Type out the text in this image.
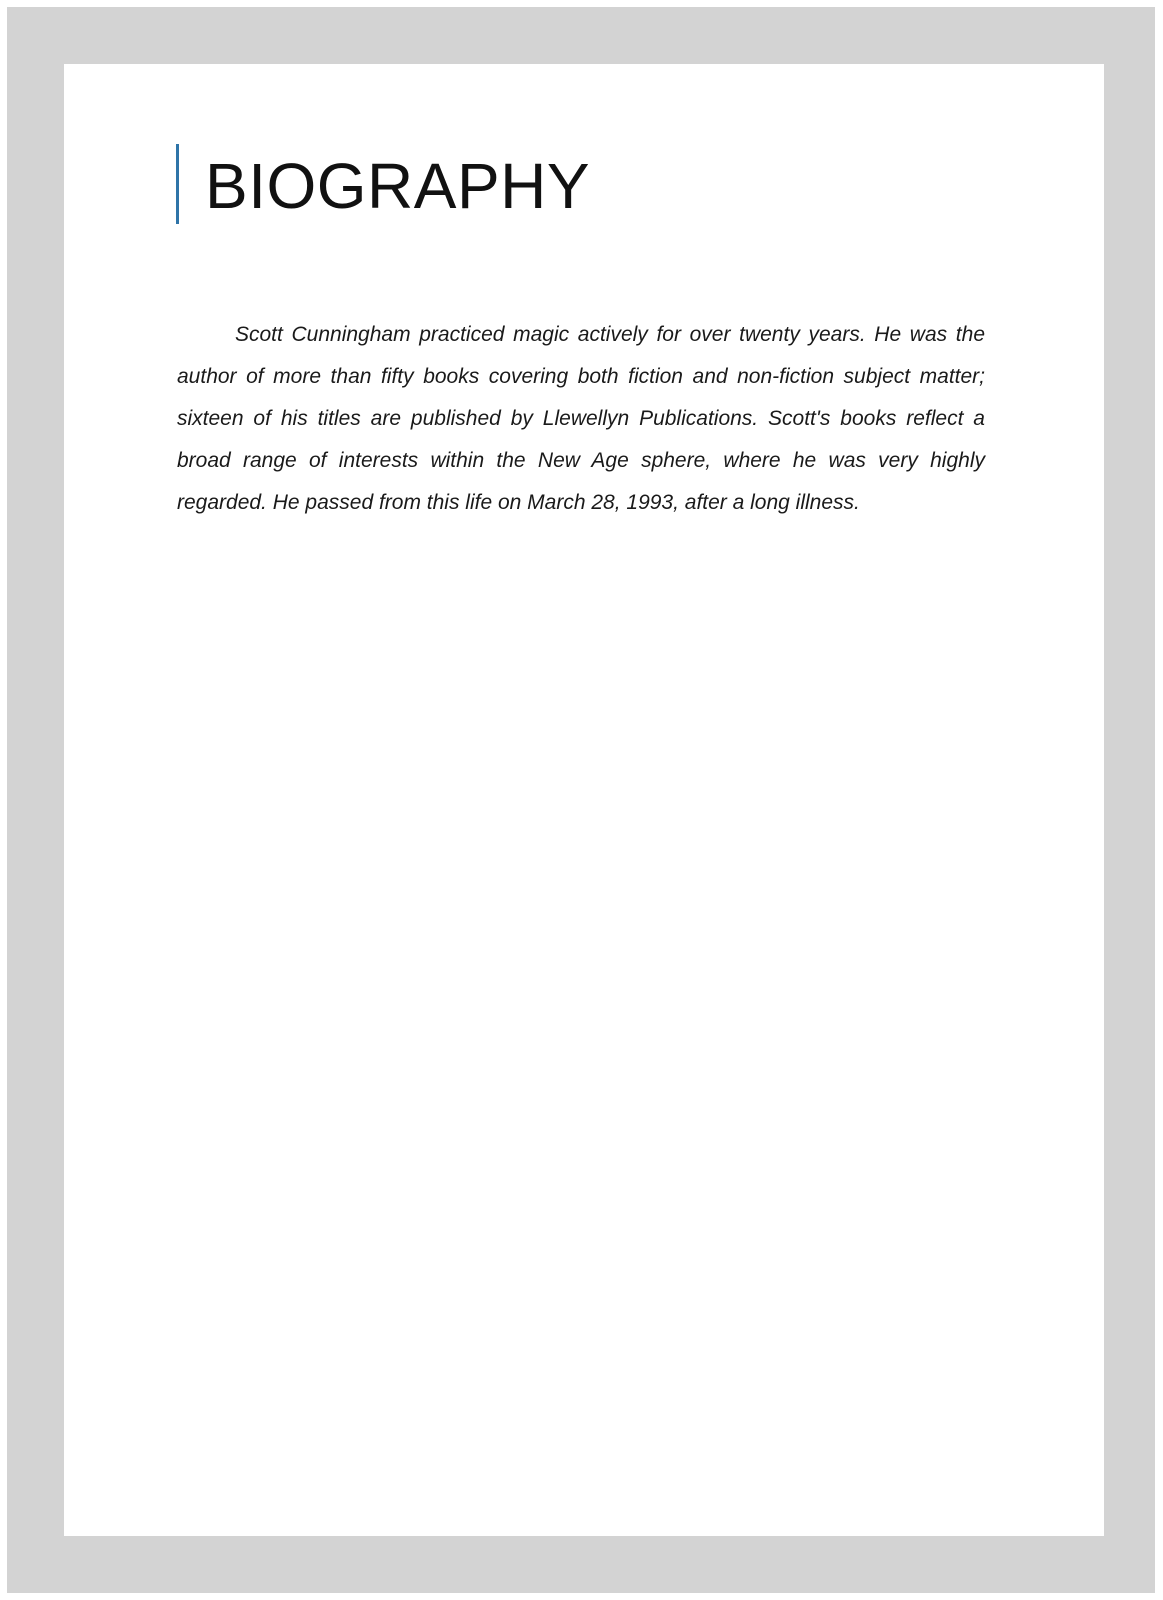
BIOGRAPHY

Scott Cunningham practiced magic actively for over twenty years. He was the author of more than fifty books covering both fiction and non-fiction subject matter; sixteen of his titles are published by Llewellyn Publications. Scott's books reflect a broad range of interests within the New Age sphere, where he was very highly regarded. He passed from this life on March 28, 1993, after a long illness.
